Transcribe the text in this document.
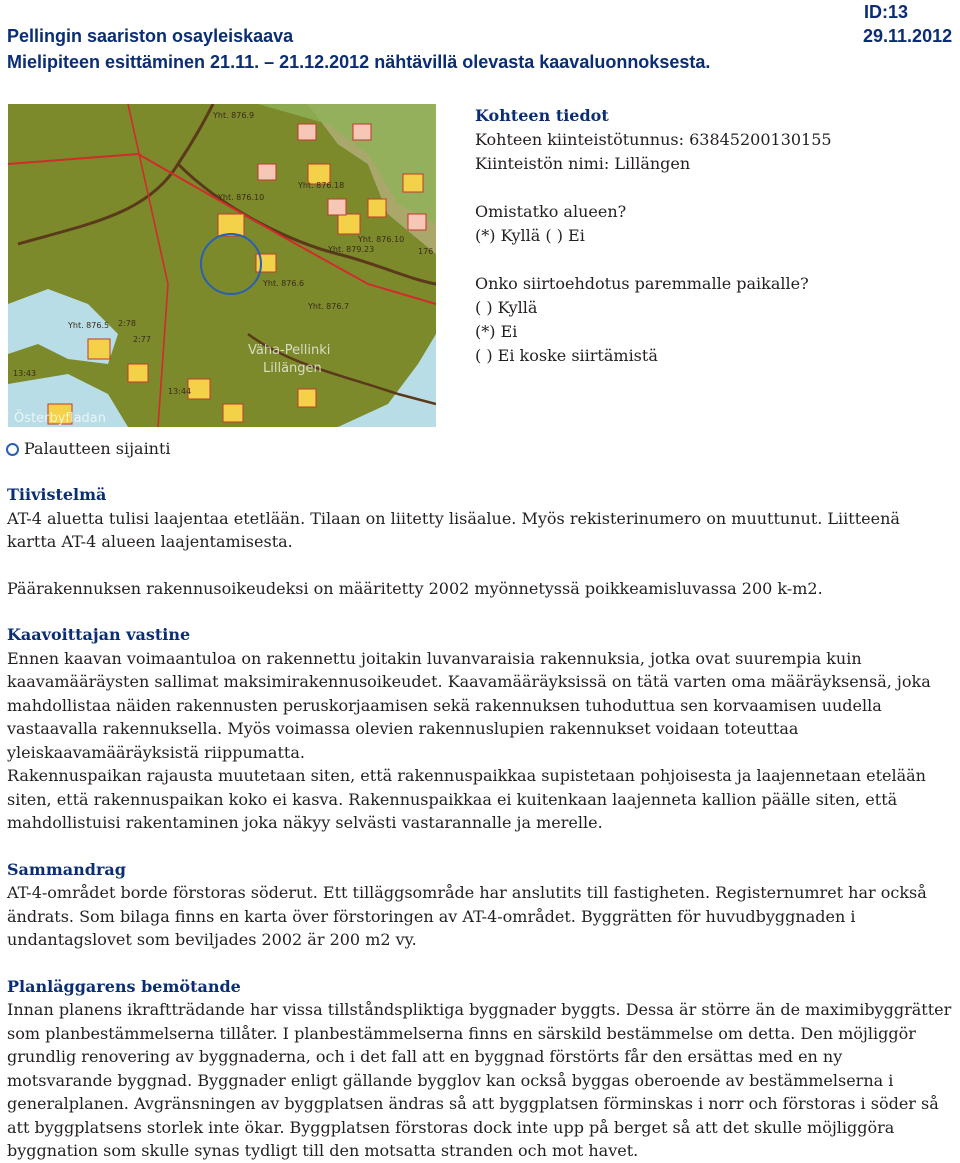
Pellingin saariston osayleiskaava
Mielipiteen esittäminen 21.11. – 21.12.2012 nähtävillä olevasta kaavaluonnoksesta.
ID:13
29.11.2012
Yht. 876.9
Yht. 876.6
Yht. 876.7
Yht. 879.23
Yht. 876.10
Yht. 876.10
Yht. 876.18
Yht. 876.5
13:43
13:44
2:78
2:77
176
Väha-Pellinki
Lillängen
Österbyfladan
Kohteen tiedot
Kohteen kiinteistötunnus: 63845200130155
Kiinteistön nimi: Lillängen
Omistatko alueen?
(*) Kyllä ( ) Ei
Onko siirtoehdotus paremmalle paikalle?
( ) Kyllä
(*) Ei
( ) Ei koske siirtämistä
Palautteen sijainti

Tiivistelmä

AT-4 aluetta tulisi laajentaa etetlään. Tilaan on liitetty lisäalue. Myös rekisterinumero on muuttunut. Liitteenä kartta AT-4 alueen laajentamisesta.

Päärakennuksen rakennusoikeudeksi on määritetty 2002 myönnetyssä poikkeamisluvassa 200 k-m2.

Kaavoittajan vastine

Ennen kaavan voimaantuloa on rakennettu joitakin luvanvaraisia rakennuksia, jotka ovat suurempia kuin kaavamääräysten sallimat maksimirakennusoikeudet. Kaavamääräyksissä on tätä varten oma määräyksensä, joka mahdollistaa näiden rakennusten peruskorjaamisen sekä rakennuksen tuhoduttua sen korvaamisen uudella vastaavalla rakennuksella. Myös voimassa olevien rakennuslupien rakennukset voidaan toteuttaa yleiskaavamääräyksistä riippumatta.

Rakennuspaikan rajausta muutetaan siten, että rakennuspaikkaa supistetaan pohjoisesta ja laajennetaan etelään siten, että rakennuspaikan koko ei kasva. Rakennuspaikkaa ei kuitenkaan laajenneta kallion päälle siten, että mahdollistuisi rakentaminen joka näkyy selvästi vastarannalle ja merelle.

Sammandrag

AT-4-området borde förstoras söderut. Ett tilläggsområde har anslutits till fastigheten. Registernumret har också ändrats. Som bilaga finns en karta över förstoringen av AT-4-området. Byggrätten för huvudbyggnaden i undantagslovet som beviljades 2002 är 200 m2 vy.

Planläggarens bemötande

Innan planens ikraftträdande har vissa tillståndspliktiga byggnader byggts. Dessa är större än de maximibyggrätter som planbestämmelserna tillåter. I planbestämmelserna finns en särskild bestämmelse om detta. Den möjliggör grundlig renovering av byggnaderna, och i det fall att en byggnad förstörts får den ersättas med en ny motsvarande byggnad. Byggnader enligt gällande bygglov kan också byggas oberoende av bestämmelserna i generalplanen. Avgränsningen av byggplatsen ändras så att byggplatsen förminskas i norr och förstoras i söder så att byggplatsens storlek inte ökar. Byggplatsen förstoras dock inte upp på berget så att det skulle möjliggöra byggnation som skulle synas tydligt till den motsatta stranden och mot havet.
